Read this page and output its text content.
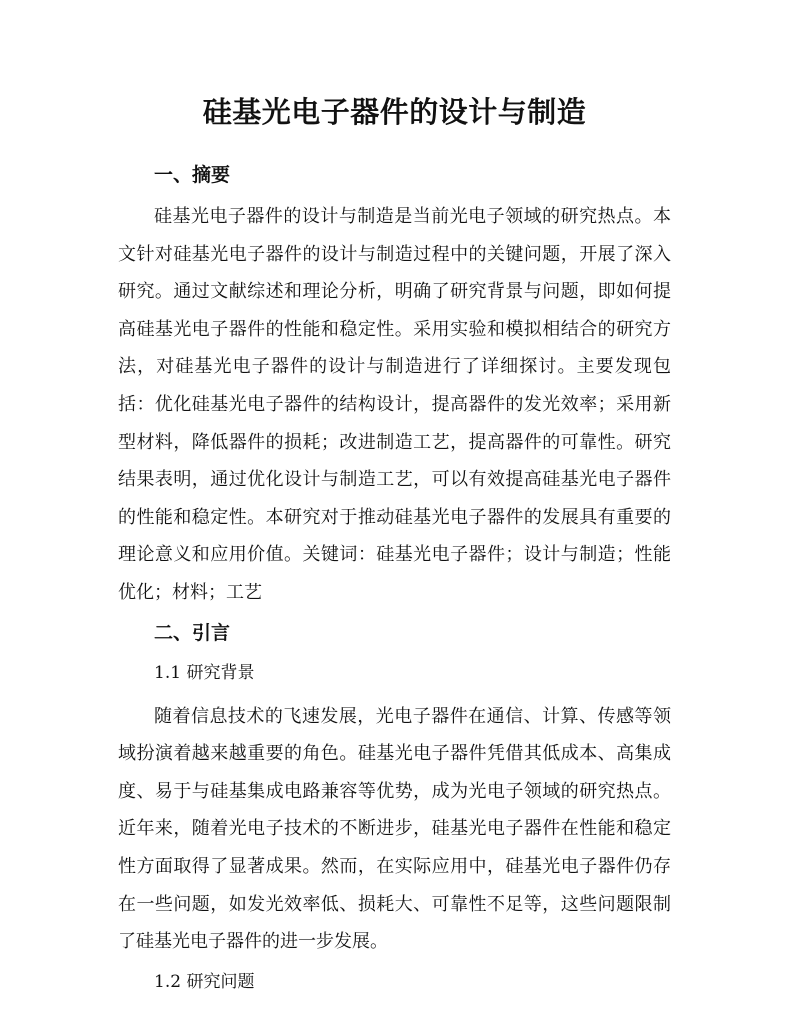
硅基光电子器件的设计与制造
一、摘要

硅基光电子器件的设计与制造是当前光电子领域的研究热点。本文针对硅基光电子器件的设计与制造过程中的关键问题，开展了深入研究。通过文献综述和理论分析，明确了研究背景与问题，即如何提高硅基光电子器件的性能和稳定性。采用实验和模拟相结合的研究方法，对硅基光电子器件的设计与制造进行了详细探讨。主要发现包括：优化硅基光电子器件的结构设计，提高器件的发光效率；采用新型材料，降低器件的损耗；改进制造工艺，提高器件的可靠性。研究结果表明，通过优化设计与制造工艺，可以有效提高硅基光电子器件的性能和稳定性。本研究对于推动硅基光电子器件的发展具有重要的理论意义和应用价值。关键词：硅基光电子器件；设计与制造；性能优化；材料；工艺

二、引言
1.1 研究背景

随着信息技术的飞速发展，光电子器件在通信、计算、传感等领域扮演着越来越重要的角色。硅基光电子器件凭借其低成本、高集成度、易于与硅基集成电路兼容等优势，成为光电子领域的研究热点。近年来，随着光电子技术的不断进步，硅基光电子器件在性能和稳定性方面取得了显著成果。然而，在实际应用中，硅基光电子器件仍存在一些问题，如发光效率低、损耗大、可靠性不足等，这些问题限制了硅基光电子器件的进一步发展。

1.2 研究问题
